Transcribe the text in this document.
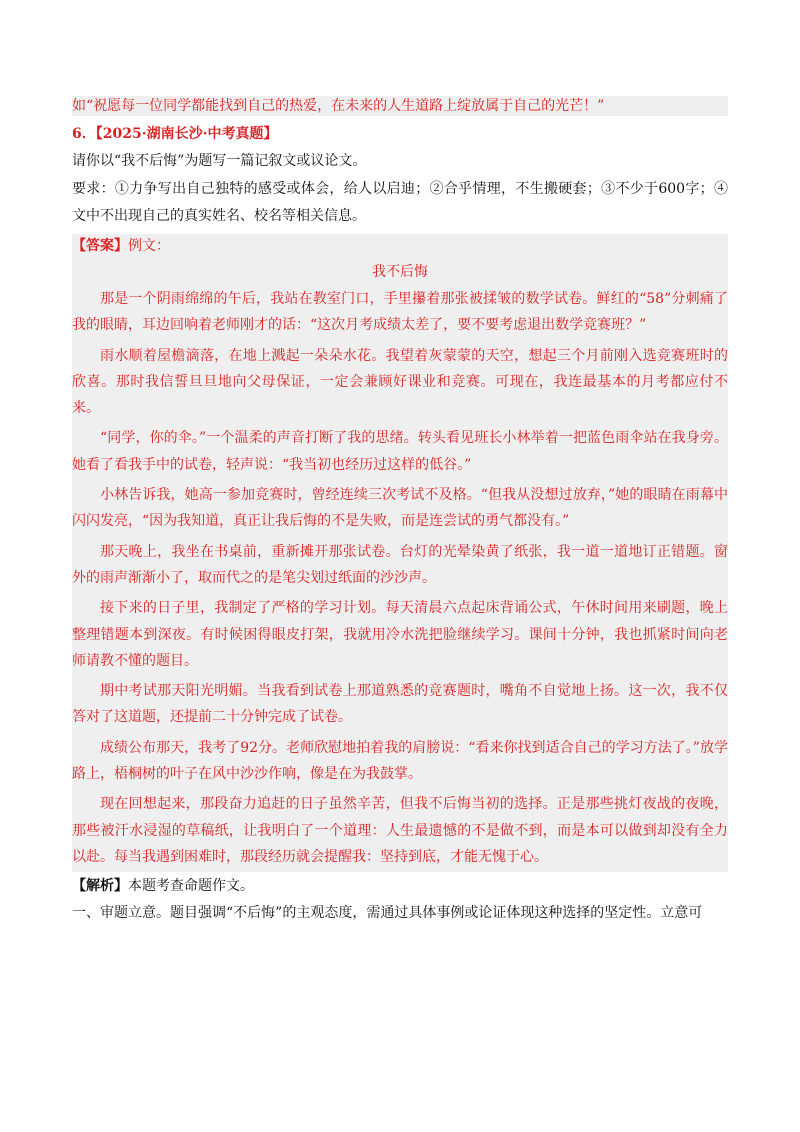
如“祝愿每一位同学都能找到自己的热爱，在未来的人生道路上绽放属于自己的光芒！”
6．【2025·湖南长沙·中考真题】
请你以“我不后悔”为题写一篇记叙文或议论文。
要求：①力争写出自己独特的感受或体会，给人以启迪；②合乎情理，不生搬硬套；③不少于600字；④文中不出现自己的真实姓名、校名等相关信息。
【答案】例文：
我不后悔
那是一个阴雨绵绵的午后，我站在教室门口，手里攥着那张被揉皱的数学试卷。鲜红的“58”分刺痛了我的眼睛，耳边回响着老师刚才的话：“这次月考成绩太差了，要不要考虑退出数学竞赛班？”
雨水顺着屋檐滴落，在地上溅起一朵朵水花。我望着灰蒙蒙的天空，想起三个月前刚入选竞赛班时的欣喜。那时我信誓旦旦地向父母保证，一定会兼顾好课业和竞赛。可现在，我连最基本的月考都应付不来。
“同学，你的伞。”一个温柔的声音打断了我的思绪。转头看见班长小林举着一把蓝色雨伞站在我身旁。她看了看我手中的试卷，轻声说：“我当初也经历过这样的低谷。”
小林告诉我，她高一参加竞赛时，曾经连续三次考试不及格。“但我从没想过放弃，”她的眼睛在雨幕中闪闪发亮，“因为我知道，真正让我后悔的不是失败，而是连尝试的勇气都没有。”
那天晚上，我坐在书桌前，重新摊开那张试卷。台灯的光晕染黄了纸张，我一道一道地订正错题。窗外的雨声渐渐小了，取而代之的是笔尖划过纸面的沙沙声。
接下来的日子里，我制定了严格的学习计划。每天清晨六点起床背诵公式，午休时间用来刷题，晚上整理错题本到深夜。有时候困得眼皮打架，我就用冷水洗把脸继续学习。课间十分钟，我也抓紧时间向老师请教不懂的题目。
期中考试那天阳光明媚。当我看到试卷上那道熟悉的竞赛题时，嘴角不自觉地上扬。这一次，我不仅答对了这道题，还提前二十分钟完成了试卷。
成绩公布那天，我考了92分。老师欣慰地拍着我的肩膀说：“看来你找到适合自己的学习方法了。”放学路上，梧桐树的叶子在风中沙沙作响，像是在为我鼓掌。
现在回想起来，那段奋力追赶的日子虽然辛苦，但我不后悔当初的选择。正是那些挑灯夜战的夜晚，那些被汗水浸湿的草稿纸，让我明白了一个道理：人生最遗憾的不是做不到，而是本可以做到却没有全力以赴。每当我遇到困难时，那段经历就会提醒我：坚持到底，才能无愧于心。
【解析】本题考查命题作文。
一、审题立意。题目强调“不后悔”的主观态度，需通过具体事例或论证体现这种选择的坚定性。立意可
